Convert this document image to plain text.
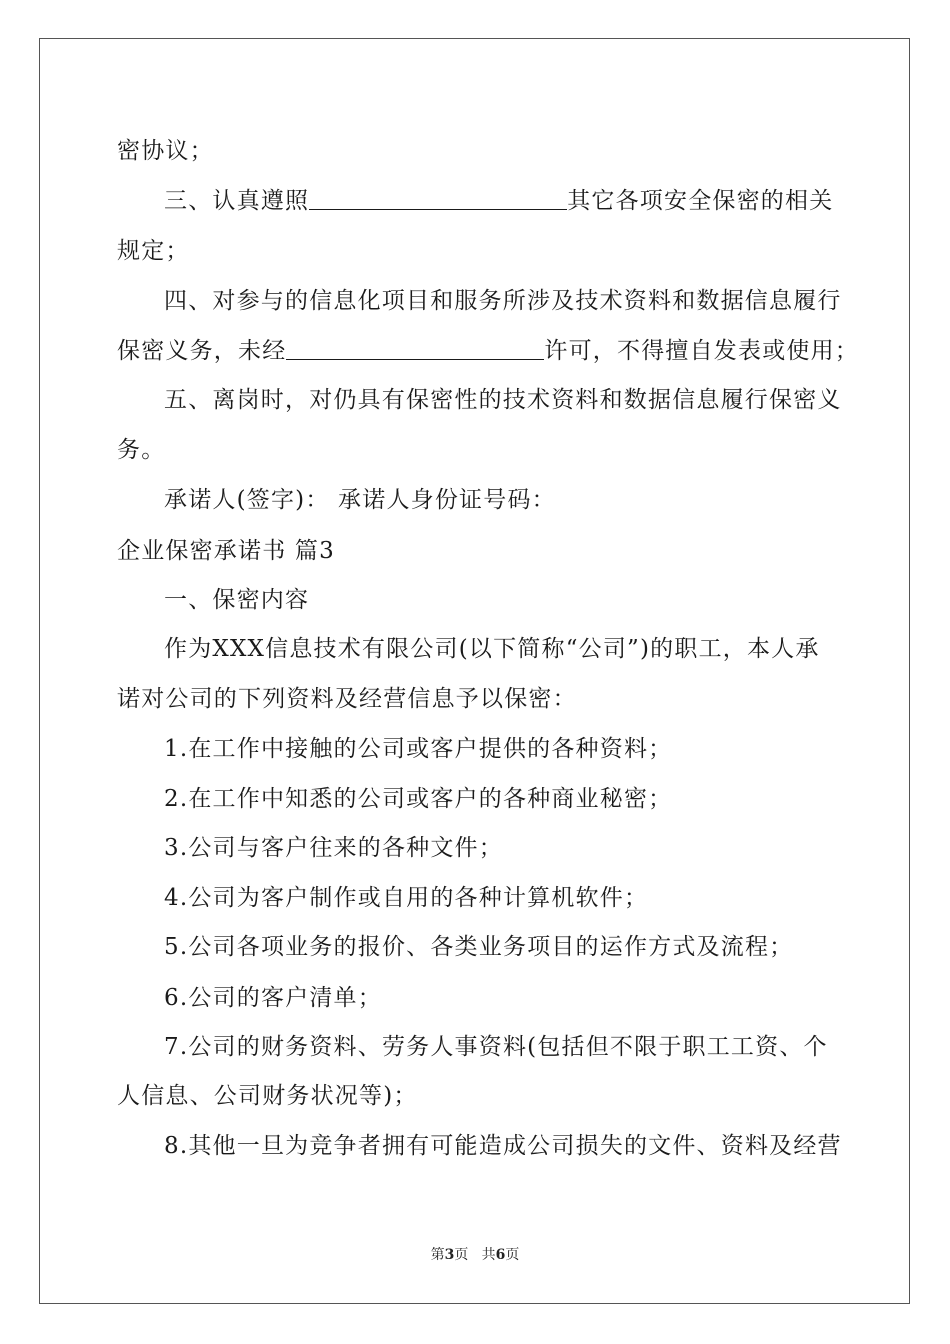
密协议；
三、认真遵照	其它各项安全保密的相关
规定；
四、对参与的信息化项目和服务所涉及技术资料和数据信息履行
保密义务，未经	许可，不得擅自发表或使用；
五、离岗时，对仍具有保密性的技术资料和数据信息履行保密义
务。
承诺人(签字)： 承诺人身份证号码：
企业保密承诺书 篇3
一、保密内容
作为XXX信息技术有限公司(以下简称“公司”)的职工，本人承
诺对公司的下列资料及经营信息予以保密：
1.在工作中接触的公司或客户提供的各种资料；
2.在工作中知悉的公司或客户的各种商业秘密；
3.公司与客户往来的各种文件；
4.公司为客户制作或自用的各种计算机软件；
5.公司各项业务的报价、各类业务项目的运作方式及流程；
6.公司的客户清单；
7.公司的财务资料、劳务人事资料(包括但不限于职工工资、个
人信息、公司财务状况等)；
8.其他一旦为竞争者拥有可能造成公司损失的文件、资料及经营
第3页   共6页
